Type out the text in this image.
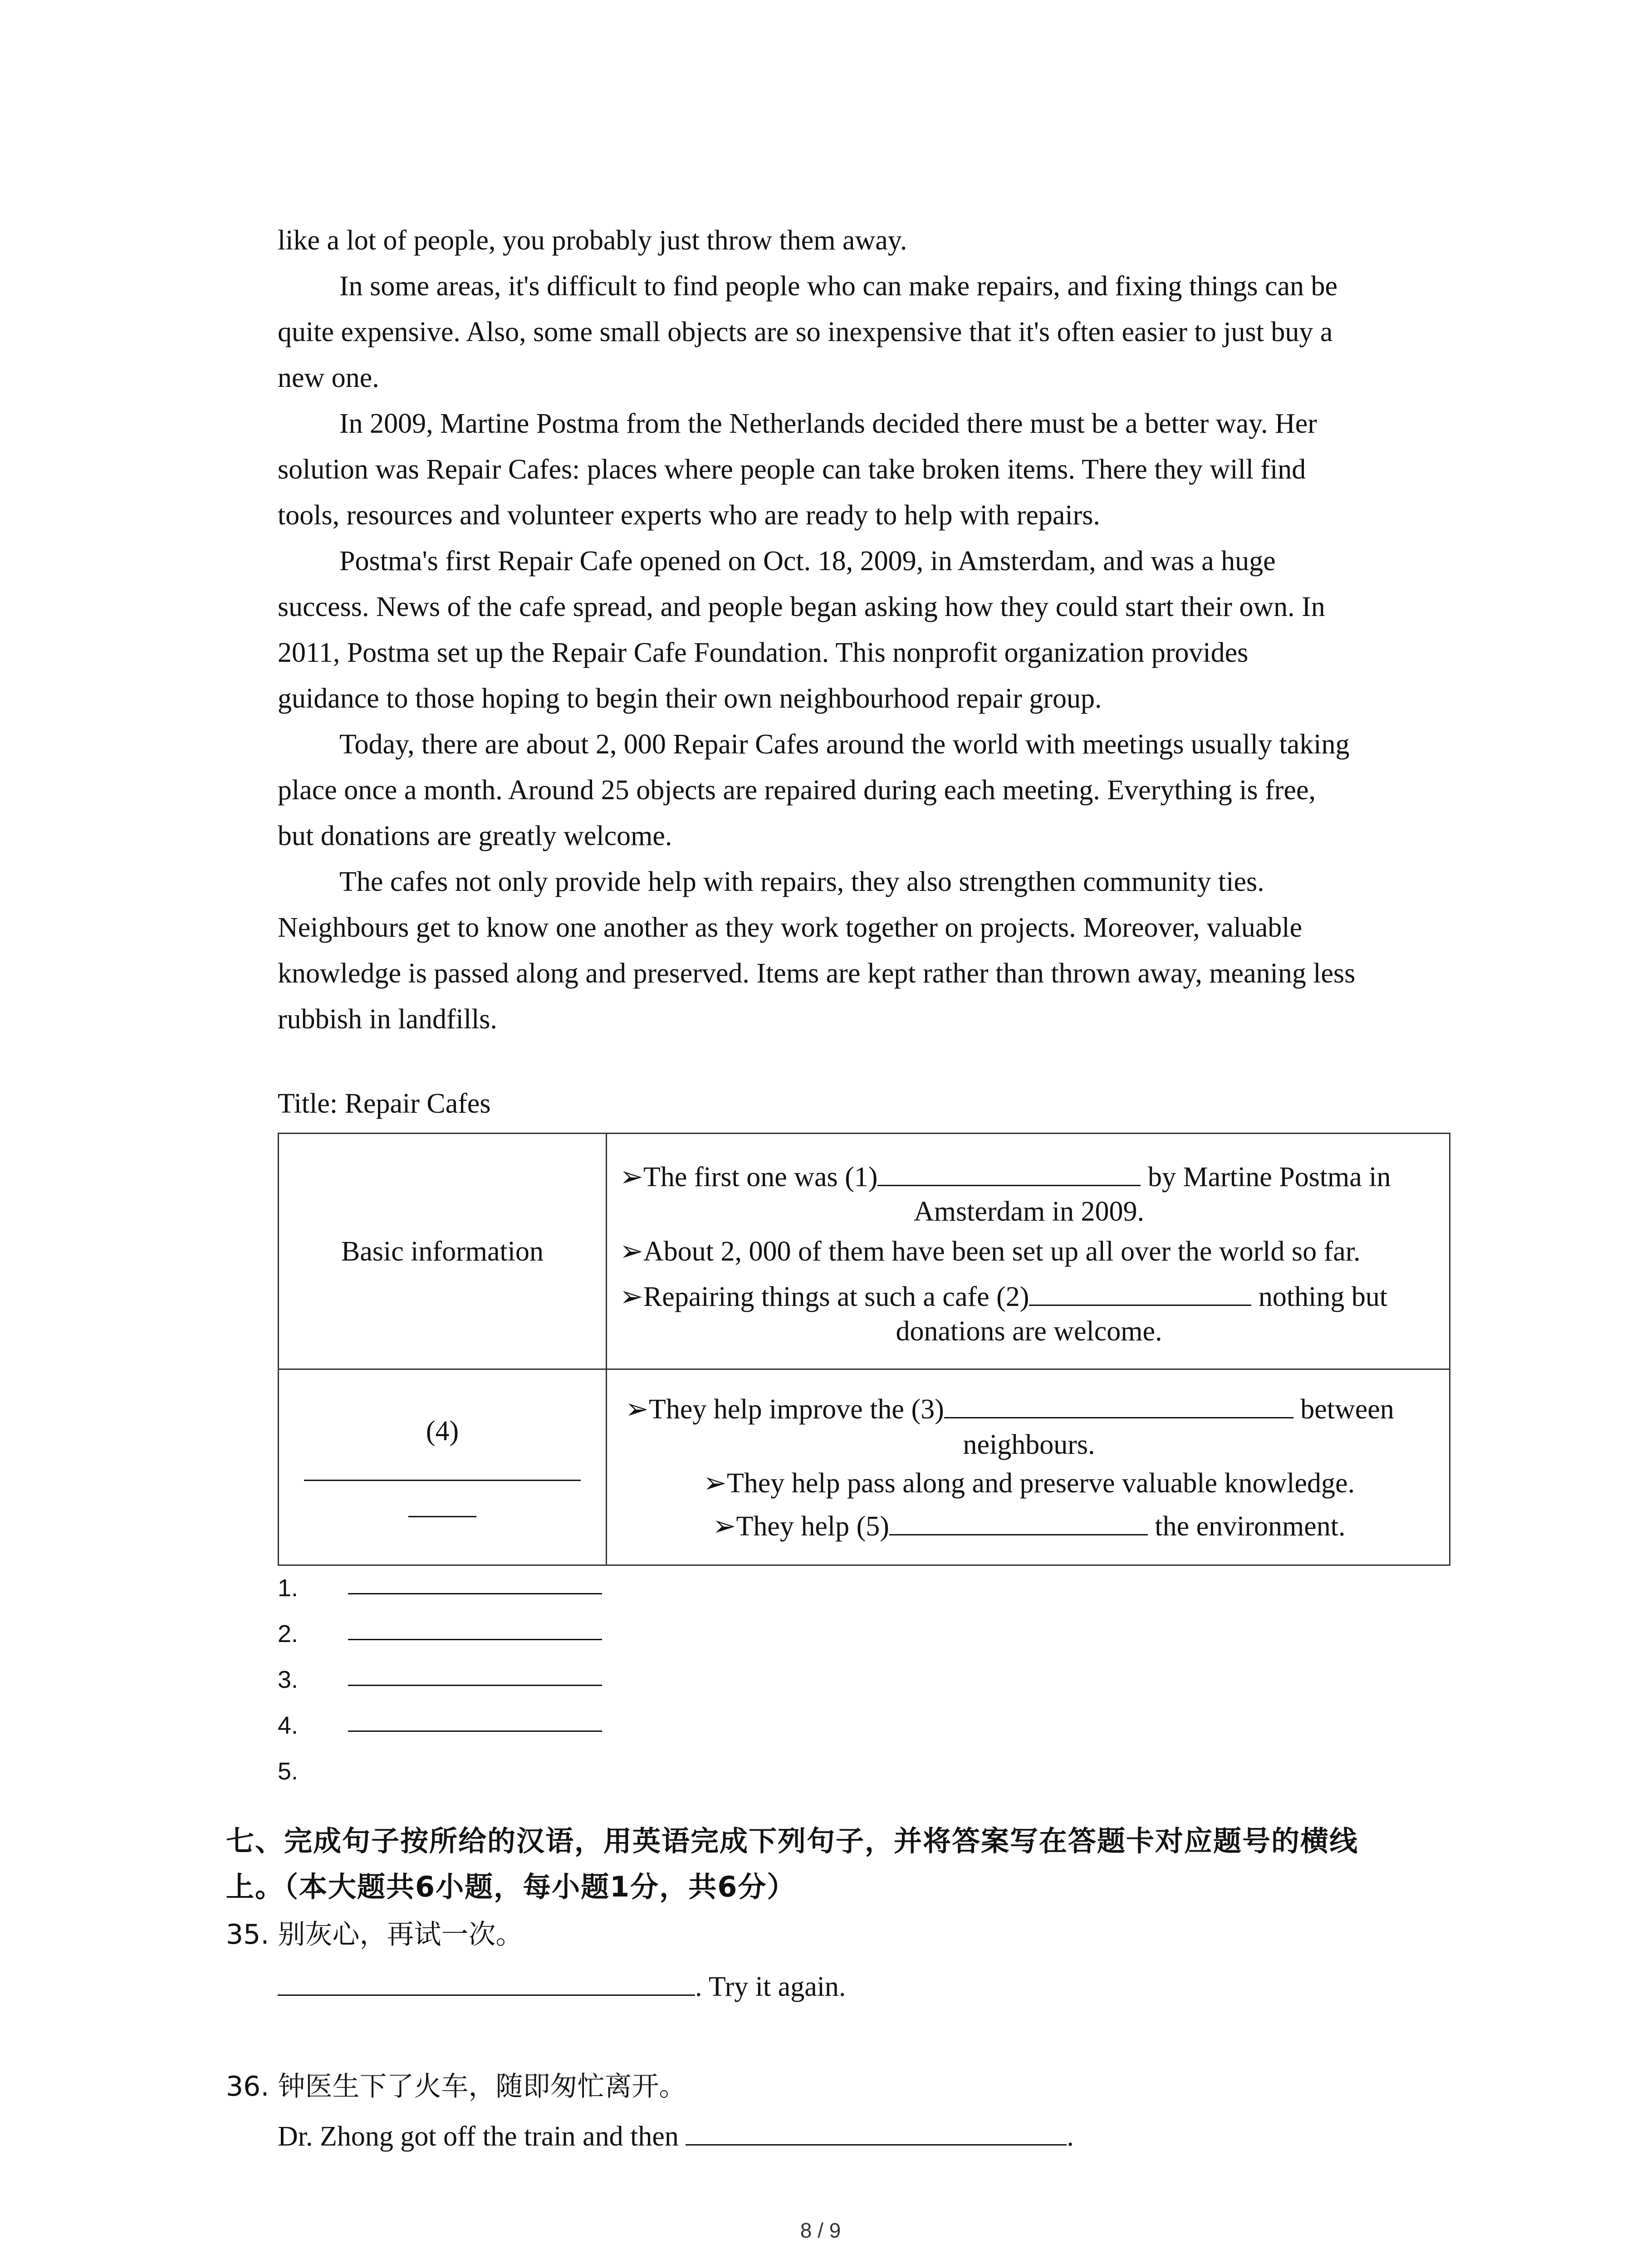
like a lot of people, you probably just throw them away.
In some areas, it's difficult to find people who can make repairs, and fixing things can be
quite expensive. Also, some small objects are so inexpensive that it's often easier to just buy a
new one.
In 2009, Martine Postma from the Netherlands decided there must be a better way. Her
solution was Repair Cafes: places where people can take broken items. There they will find
tools, resources and volunteer experts who are ready to help with repairs.
Postma's first Repair Cafe opened on Oct. 18, 2009, in Amsterdam, and was a huge
success. News of the cafe spread, and people began asking how they could start their own. In
2011, Postma set up the Repair Cafe Foundation. This nonprofit organization provides
guidance to those hoping to begin their own neighbourhood repair group.
Today, there are about 2, 000 Repair Cafes around the world with meetings usually taking
place once a month. Around 25 objects are repaired during each meeting. Everything is free,
but donations are greatly welcome.
The cafes not only provide help with repairs, they also strengthen community ties.
Neighbours get to know one another as they work together on projects. Moreover, valuable
knowledge is passed along and preserved. Items are kept rather than thrown away, meaning less
rubbish in landfills.

Title: Repair Cafes

Basic information	➢The first one was (1) by Martine Postma in
Amsterdam in 2009.
➢About 2, 000 of them have been set up all over the world so far.
➢Repairing things at such a cafe (2) nothing but
donations are welcome.

(4)	➢They help improve the (3) between
neighbours.
➢They help pass along and preserve valuable knowledge.
➢They help (5) the environment.
1.
2.
3.
4.
5.
七、完成句子按所给的汉语，用英语完成下列句子，并将答案写在答题卡对应题号的横线
上。（本大题共6小题，每小题1分，共6分）

35. 别灰心，再试一次。

. Try it again.

36. 钟医生下了火车，随即匆忙离开。

Dr. Zhong got off the train and then	.

8 / 9
